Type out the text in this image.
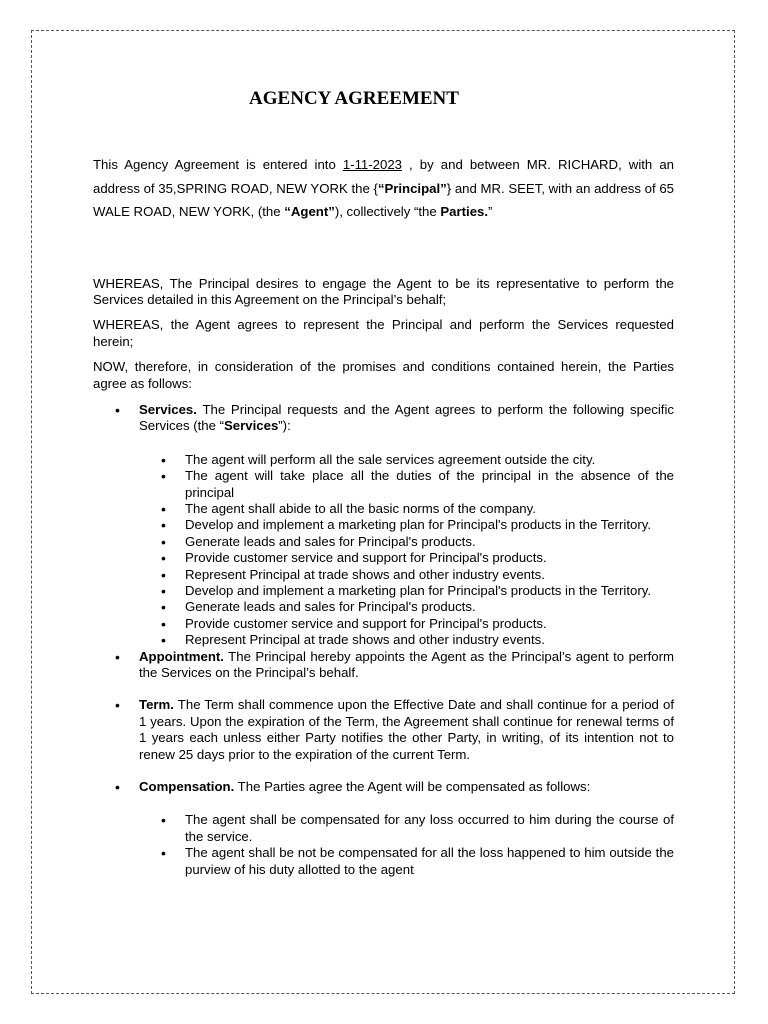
AGENCY AGREEMENT

This Agency Agreement is entered into 1-11-2023 , by and between MR. RICHARD, with an address of 35,SPRING ROAD, NEW YORK the {“Principal”} and MR. SEET, with an address of 65 WALE ROAD, NEW YORK, (the “Agent”), collectively “the Parties.”

WHEREAS, The Principal desires to engage the Agent to be its representative to perform the Services detailed in this Agreement on the Principal’s behalf;

WHEREAS, the Agent agrees to represent the Principal and perform the Services requested herein;

NOW, therefore, in consideration of the promises and conditions contained herein, the Parties agree as follows:

• Services. The Principal requests and the Agent agrees to perform the following specific Services (the “Services”):
• The agent will perform all the sale services agreement outside the city.
• The agent will take place all the duties of the principal in the absence of the principal
• The agent shall abide to all the basic norms of the company.
• Develop and implement a marketing plan for Principal's products in the Territory.
• Generate leads and sales for Principal's products.
• Provide customer service and support for Principal's products.
• Represent Principal at trade shows and other industry events.
• Develop and implement a marketing plan for Principal's products in the Territory.
• Generate leads and sales for Principal's products.
• Provide customer service and support for Principal's products.
• Represent Principal at trade shows and other industry events.
• Appointment. The Principal hereby appoints the Agent as the Principal’s agent to perform the Services on the Principal’s behalf.
• Term. The Term shall commence upon the Effective Date and shall continue for a period of 1 years. Upon the expiration of the Term, the Agreement shall continue for renewal terms of 1 years each unless either Party notifies the other Party, in writing, of its intention not to renew 25 days prior to the expiration of the current Term.
• Compensation. The Parties agree the Agent will be compensated as follows:
• The agent shall be compensated for any loss occurred to him during the course of the service.
• The agent shall be not be compensated for all the loss happened to him outside the purview of his duty allotted to the agent
